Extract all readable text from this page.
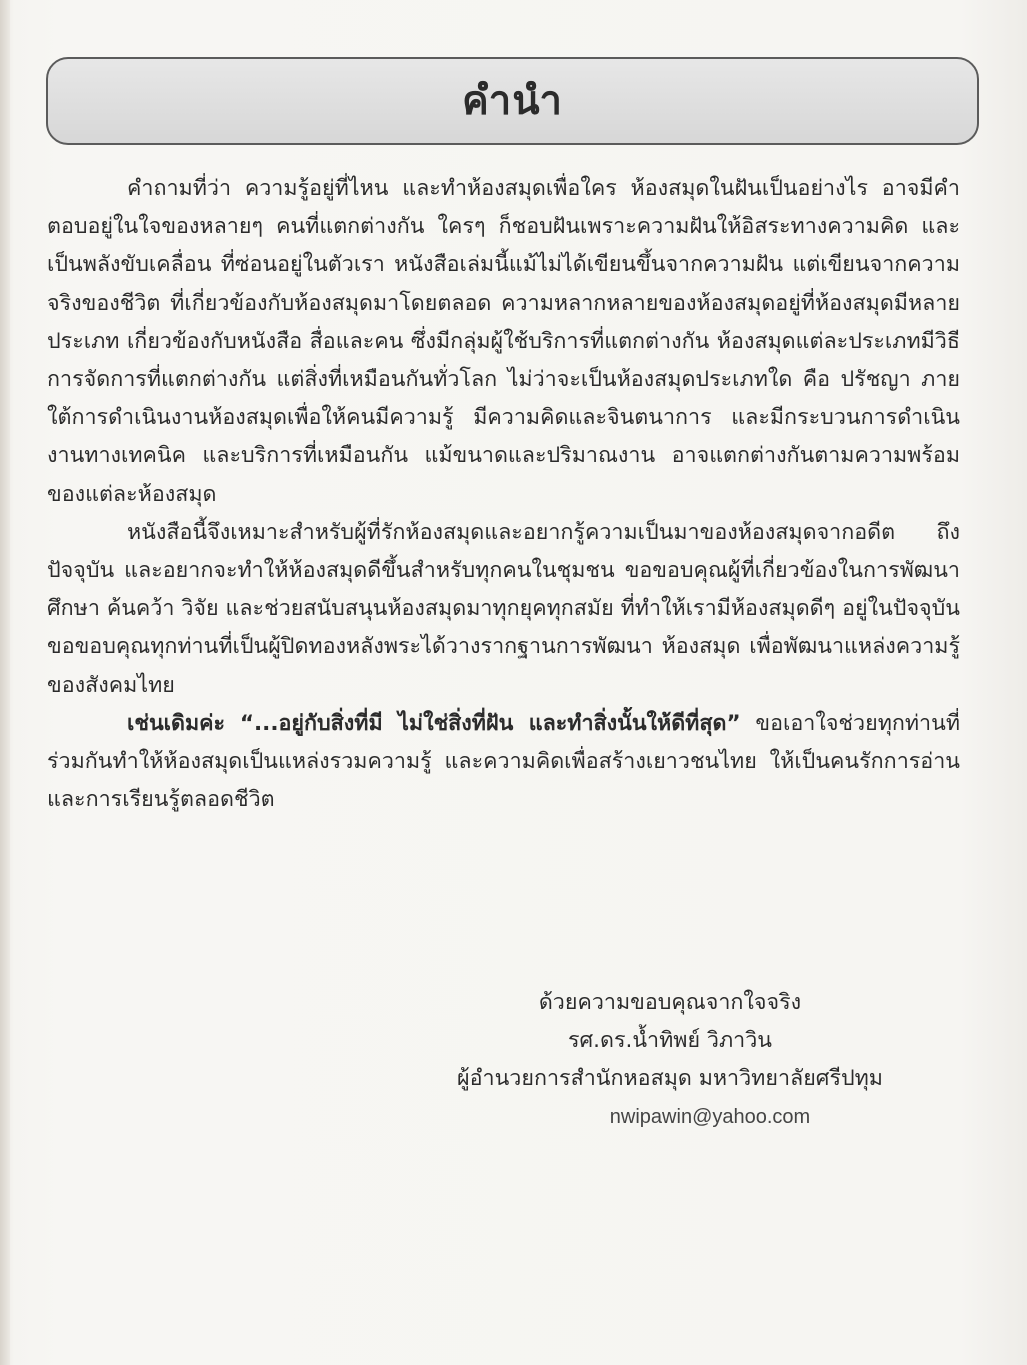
คำนำ

คำถามที่ว่า ความรู้อยู่ที่ไหน และทำห้องสมุดเพื่อใคร ห้องสมุดในฝันเป็นอย่างไร อาจมีคำตอบอยู่ในใจของหลายๆ คนที่แตกต่างกัน ใครๆ ก็ชอบฝันเพราะความฝันให้อิสระทางความคิด และเป็นพลังขับเคลื่อน ที่ซ่อนอยู่ในตัวเรา หนังสือเล่มนี้แม้ไม่ได้เขียนขึ้นจากความฝัน แต่เขียนจากความจริงของชีวิต ที่เกี่ยวข้องกับห้องสมุดมาโดยตลอด ความหลากหลายของห้องสมุดอยู่ที่ห้องสมุดมีหลายประเภท เกี่ยวข้องกับหนังสือ สื่อและคน ซึ่งมีกลุ่มผู้ใช้บริการที่แตกต่างกัน ห้องสมุดแต่ละประเภทมีวิธีการจัดการที่แตกต่างกัน แต่สิ่งที่เหมือนกันทั่วโลก ไม่ว่าจะเป็นห้องสมุดประเภทใด คือ ปรัชญา ภายใต้การดำเนินงานห้องสมุดเพื่อให้คนมีความรู้ มีความคิดและจินตนาการ และมีกระบวนการดำเนินงานทางเทคนิค และบริการที่เหมือนกัน แม้ขนาดและปริมาณงาน อาจแตกต่างกันตามความพร้อมของแต่ละห้องสมุด

หนังสือนี้จึงเหมาะสำหรับผู้ที่รักห้องสมุดและอยากรู้ความเป็นมาของห้องสมุดจากอดีต ถึงปัจจุบัน และอยากจะทำให้ห้องสมุดดีขึ้นสำหรับทุกคนในชุมชน ขอขอบคุณผู้ที่เกี่ยวข้องในการพัฒนาศึกษา ค้นคว้า วิจัย และช่วยสนับสนุนห้องสมุดมาทุกยุคทุกสมัย ที่ทำให้เรามีห้องสมุดดีๆ อยู่ในปัจจุบัน ขอขอบคุณทุกท่านที่เป็นผู้ปิดทองหลังพระได้วางรากฐานการพัฒนา ห้องสมุด เพื่อพัฒนาแหล่งความรู้ของสังคมไทย

เช่นเดิมค่ะ “...อยู่กับสิ่งที่มี ไม่ใช่สิ่งที่ฝัน และทำสิ่งนั้นให้ดีที่สุด” ขอเอาใจช่วยทุกท่านที่ร่วมกันทำให้ห้องสมุดเป็นแหล่งรวมความรู้ และความคิดเพื่อสร้างเยาวชนไทย ให้เป็นคนรักการอ่านและการเรียนรู้ตลอดชีวิต

ด้วยความขอบคุณจากใจจริง
รศ.ดร.น้ำทิพย์ วิภาวิน
ผู้อำนวยการสำนักหอสมุด มหาวิทยาลัยศรีปทุม
nwipawin@yahoo.com
